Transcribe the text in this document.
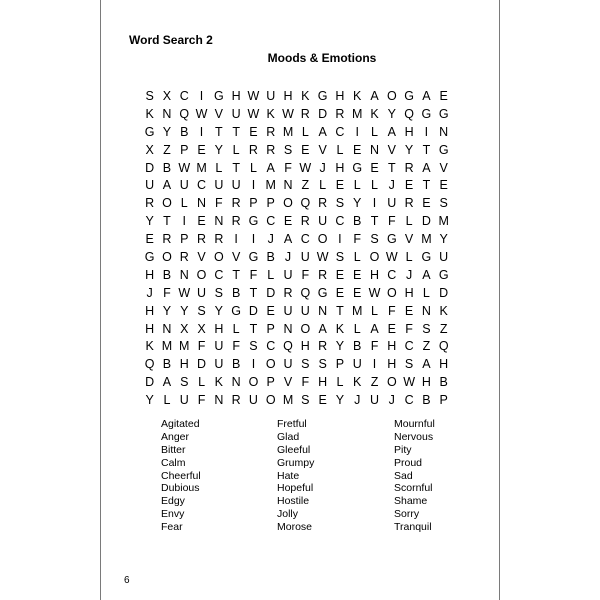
Word Search 2
Moods & Emotions
S X C I G H W U H K G H K A O G A E
K N Q W V U W K W R D R M K Y Q G G
G Y B I T T E R M L A C I L A H I N
X Z P E Y L R R S E V L E N V Y T G
D B W M L T L A F W J H G E T R A V
U A U C U U I M N Z L E L L J E T E
R O L N F R P P O Q R S Y I U R E S
Y T I E N R G C E R U C B T F L D M
E R P R R I	I J A C O I F S G V M Y
G O R V O V G B J U W S L O W L G U
H B N O C T F L U F R E E H C J A G
J F W U S B T D R Q G E E W O H L D
H Y Y S Y G D E U U N T M L F E N K
H N X X H L T P N O A K L A E F S Z
K M M F U F S C Q H R Y B F H C Z Q
Q B H D U B I O U S S P U I H S A H
D A S L K N O P V F H L K Z O W H B
Y L U F N R U O M S E Y J U J C B P
Agitated
Anger
Bitter
Calm
Cheerful
Dubious
Edgy
Envy
Fear
Fretful
Glad
Gleeful
Grumpy
Hate
Hopeful
Hostile
Jolly
Morose
Mournful
Nervous
Pity
Proud
Sad
Scornful
Shame
Sorry
Tranquil
6
